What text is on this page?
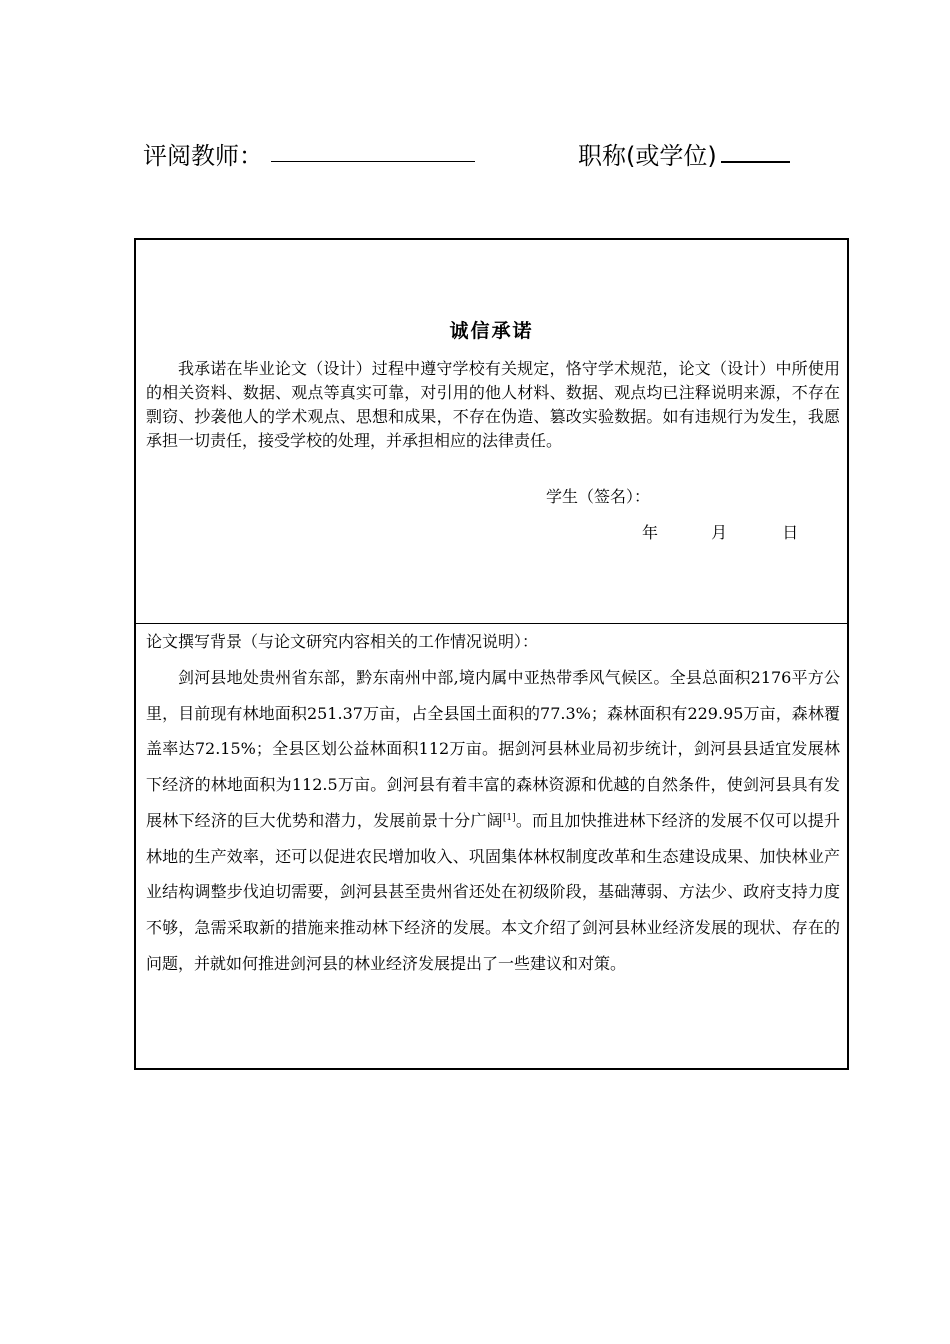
评阅教师：	职称(或学位)
诚信承诺

我承诺在毕业论文（设计）过程中遵守学校有关规定，恪守学术规范，论文（设计）中所使用的相关资料、数据、观点等真实可靠，对引用的他人材料、数据、观点均已注释说明来源，不存在剽窃、抄袭他人的学术观点、思想和成果，不存在伪造、篡改实验数据。如有违规行为发生，我愿承担一切责任，接受学校的处理，并承担相应的法律责任。

学生（签名）：
年	月	日
论文撰写背景（与论文研究内容相关的工作情况说明）：

剑河县地处贵州省东部，黔东南州中部,境内属中亚热带季风气候区。全县总面积2176平方公里，目前现有林地面积251.37万亩，占全县国土面积的77.3%；森林面积有229.95万亩，森林覆盖率达72.15%；全县区划公益林面积112万亩。据剑河县林业局初步统计，剑河县县适宜发展林下经济的林地面积为112.5万亩。剑河县有着丰富的森林资源和优越的自然条件，使剑河县具有发展林下经济的巨大优势和潜力，发展前景十分广阔[1]。而且加快推进林下经济的发展不仅可以提升林地的生产效率，还可以促进农民增加收入、巩固集体林权制度改革和生态建设成果、加快林业产业结构调整步伐迫切需要，剑河县甚至贵州省还处在初级阶段，基础薄弱、方法少、政府支持力度不够，急需采取新的措施来推动林下经济的发展。本文介绍了剑河县林业经济发展的现状、存在的问题，并就如何推进剑河县的林业经济发展提出了一些建议和对策。
